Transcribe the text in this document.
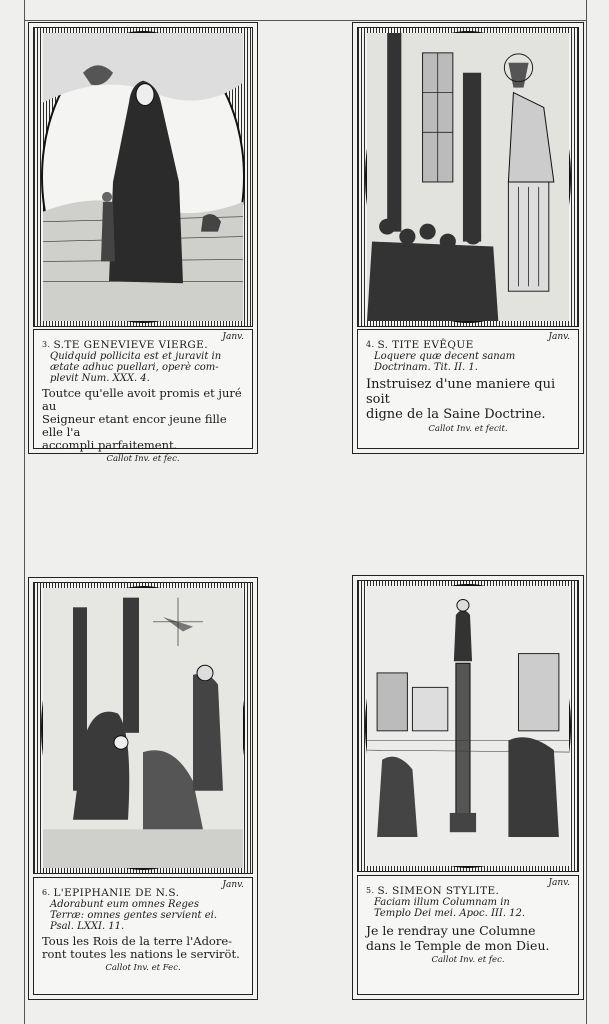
Janv.
$^{3.}$ S.TE GENEVIEVE VIERGE.
Quidquid pollicita est et juravit in
ætate adhuc puellari, operè com-
plevit Num. XXX. 4.
Toutce qu'elle avoit promis et juré au
Seigneur etant encor jeune fille elle l'a
accompli parfaitement.
Callot Inv. et fec.
Janv.
$^{4.}$ S. TITE EVÊQUE
Loquere quæ decent sanam
Doctrinam. Tit. II. 1.
Instruisez d'une maniere qui soit
digne de la Saine Doctrine.
Callot Inv. et fecit.
Janv.
$^{6.}$ L'EPIPHANIE DE N.S.
Adorabunt eum omnes Reges
Terræ: omnes gentes servient ei.
Psal. LXXI. 11.
Tous les Rois de la terre l'Adore-
ront toutes les nations le serviröt.
Callot Inv. et Fec.
Janv.
$^{5.}$ S. SIMEON STYLITE.
Faciam illum Columnam in
Templo Dei mei. Apoc. III. 12.
Je le rendray une Columne
dans le Temple de mon Dieu.
Callot Inv. et fec.
